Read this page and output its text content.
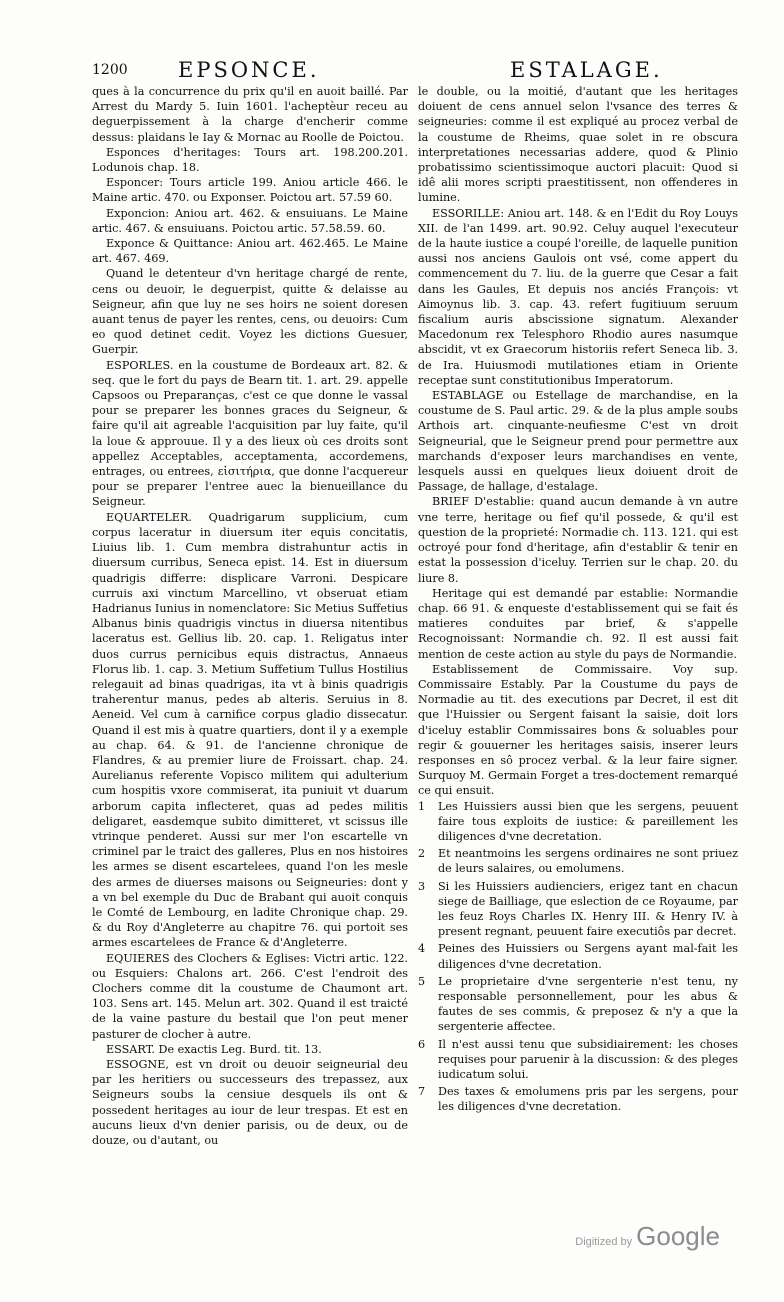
1200 EPSONCE.	ESTALAGE.

ques à la concurrence du prix qu'il en auoit baillé. Par Arrest du Mardy 5. Iuin 1601. l'acheptèur receu au deguerpissement à la charge d'encherir comme dessus: plaidans le Iay & Mornac au Roolle de Poictou.

Esponces d'heritages: Tours art. 198.200.201. Lodunois chap. 18.

Esponcer: Tours article 199. Aniou article 466. le Maine artic. 470. ou Exponser. Poictou art. 57.59 60.

Exponcion: Aniou art. 462. & ensuiuans. Le Maine artic. 467. & ensuiuans. Poictou artic. 57.58.59. 60.

Exponce & Quittance: Aniou art. 462.465. Le Maine art. 467. 469.

Quand le detenteur d'vn heritage chargé de rente, cens ou deuoir, le deguerpist, quitte & delaisse au Seigneur, afin que luy ne ses hoirs ne soient doresen auant tenus de payer les rentes, cens, ou deuoirs: Cum eo quod detinet cedit. Voyez les dictions Guesuer, Guerpir.

ESPORLES. en la coustume de Bordeaux art. 82. & seq. que le fort du pays de Bearn tit. 1. art. 29. appelle Capsoos ou Preparanças, c'est ce que donne le vassal pour se preparer les bonnes graces du Seigneur, & faire qu'il ait agreable l'acquisition par luy faite, qu'il la loue & approuue. Il y a des lieux où ces droits sont appellez Acceptables, acceptamenta, accordemens, entrages, ou entrees, εἰσιτήρια, que donne l'acquereur pour se preparer l'entree auec la bienueillance du Seigneur.

EQUARTELER. Quadrigarum supplicium, cum corpus laceratur in diuersum iter equis concitatis, Liuius lib. 1. Cum membra distrahuntur actis in diuersum curribus, Seneca epist. 14. Est in diuersum quadrigis differre: displicare Varroni. Despicare curruis axi vinctum Marcellino, vt obseruat etiam Hadrianus Iunius in nomenclatore: Sic Metius Suffetius Albanus binis quadrigis vinctus in diuersa nitentibus laceratus est. Gellius lib. 20. cap. 1. Religatus inter duos currus pernicibus equis distractus, Annaeus Florus lib. 1. cap. 3. Metium Suffetium Tullus Hostilius relegauit ad binas quadrigas, ita vt à binis quadrigis traherentur manus, pedes ab alteris. Seruius in 8. Aeneid. Vel cum à carnifice corpus gladio dissecatur. Quand il est mis à quatre quartiers, dont il y a exemple au chap. 64. & 91. de l'ancienne chronique de Flandres, & au premier liure de Froissart. chap. 24. Aurelianus referente Vopisco militem qui adulterium cum hospitis vxore commiserat, ita puniuit vt duarum arborum capita inflecteret, quas ad pedes militis deligaret, easdemque subito dimitteret, vt scissus ille vtrinque penderet. Aussi sur mer l'on escartelle vn criminel par le traict des galleres, Plus en nos histoires les armes se disent escartelees, quand l'on les mesle des armes de diuerses maisons ou Seigneuries: dont y a vn bel exemple du Duc de Brabant qui auoit conquis le Comté de Lembourg, en ladite Chronique chap. 29. & du Roy d'Angleterre au chapitre 76. qui portoit ses armes escartelees de France & d'Angleterre.

EQUIERES des Clochers & Eglises: Victri artic. 122. ou Esquiers: Chalons art. 266. C'est l'endroit des Clochers comme dit la coustume de Chaumont art. 103. Sens art. 145. Melun art. 302. Quand il est traicté de la vaine pasture du bestail que l'on peut mener pasturer de clocher à autre.

ESSART. De exactis Leg. Burd. tit. 13.

ESSOGNE, est vn droit ou deuoir seigneurial deu par les heritiers ou successeurs des trepassez, aux Seigneurs soubs la censiue desquels ils ont & possedent heritages au iour de leur trespas. Et est en aucuns lieux d'vn denier parisis, ou de deux, ou de douze, ou d'autant, ou

le double, ou la moitié, d'autant que les heritages doiuent de cens annuel selon l'vsance des terres & seigneuries: comme il est expliqué au procez verbal de la coustume de Rheims, quae solet in re obscura interpretationes necessarias addere, quod & Plinio probatissimo scientissimoque auctori placuit: Quod si idê alii mores scripti praestitissent, non offenderes in lumine.

ESSORILLE: Aniou art. 148. & en l'Edit du Roy Louys XII. de l'an 1499. art. 90.92. Celuy auquel l'executeur de la haute iustice a coupé l'oreille, de laquelle punition aussi nos anciens Gaulois ont vsé, come appert du commencement du 7. liu. de la guerre que Cesar a fait dans les Gaules, Et depuis nos anciés François: vt Aimoynus lib. 3. cap. 43. refert fugitiuum seruum fiscalium auris abscissione signatum. Alexander Macedonum rex Telesphoro Rhodio aures nasumque abscidit, vt ex Graecorum historiis refert Seneca lib. 3. de Ira. Huiusmodi mutilationes etiam in Oriente receptae sunt constitutionibus Imperatorum.

ESTABLAGE ou Estellage de marchandise, en la coustume de S. Paul artic. 29. & de la plus ample soubs Arthois art. cinquante-neufiesme C'est vn droit Seigneurial, que le Seigneur prend pour permettre aux marchands d'exposer leurs marchandises en vente, lesquels aussi en quelques lieux doiuent droit de Passage, de hallage, d'estalage.

BRIEF D'establie: quand aucun demande à vn autre vne terre, heritage ou fief qu'il possede, & qu'il est question de la proprieté: Normadie ch. 113. 121. qui est octroyé pour fond d'heritage, afin d'establir & tenir en estat la possession d'iceluy. Terrien sur le chap. 20. du liure 8.

Heritage qui est demandé par establie: Normandie chap. 66 91. & enqueste d'establissement qui se fait és matieres conduites par brief, & s'appelle Recognoissant: Normandie ch. 92. Il est aussi fait mention de ceste action au style du pays de Normandie.

Establissement de Commissaire. Voy sup. Commissaire Estably. Par la Coustume du pays de Normadie au tit. des executions par Decret, il est dit que l'Huissier ou Sergent faisant la saisie, doit lors d'iceluy establir Commissaires bons & soluables pour regir & gouuerner les heritages saisis, inserer leurs responses en sô procez verbal. & la leur faire signer. Surquoy M. Germain Forget a tres-doctement remarqué ce qui ensuit.

1	Les Huissiers aussi bien que les sergens, peuuent faire tous exploits de iustice: & pareillement les diligences d'vne decretation.
2	Et neantmoins les sergens ordinaires ne sont priuez de leurs salaires, ou emolumens.
3	Si les Huissiers audienciers, erigez tant en chacun siege de Bailliage, que eslection de ce Royaume, par les feuz Roys Charles IX. Henry III. & Henry IV. à present regnant, peuuent faire executiôs par decret.
4	Peines des Huissiers ou Sergens ayant mal-fait les diligences d'vne decretation.
5	Le proprietaire d'vne sergenterie n'est tenu, ny responsable personnellement, pour les abus & fautes de ses commis, & preposez & n'y a que la sergenterie affectee.
6	Il n'est aussi tenu que subsidiairement: les choses requises pour paruenir à la discussion: & des pleges iudicatum solui.
7	Des taxes & emolumens pris par les sergens, pour les diligences d'vne decretation.
Digitized by Google
